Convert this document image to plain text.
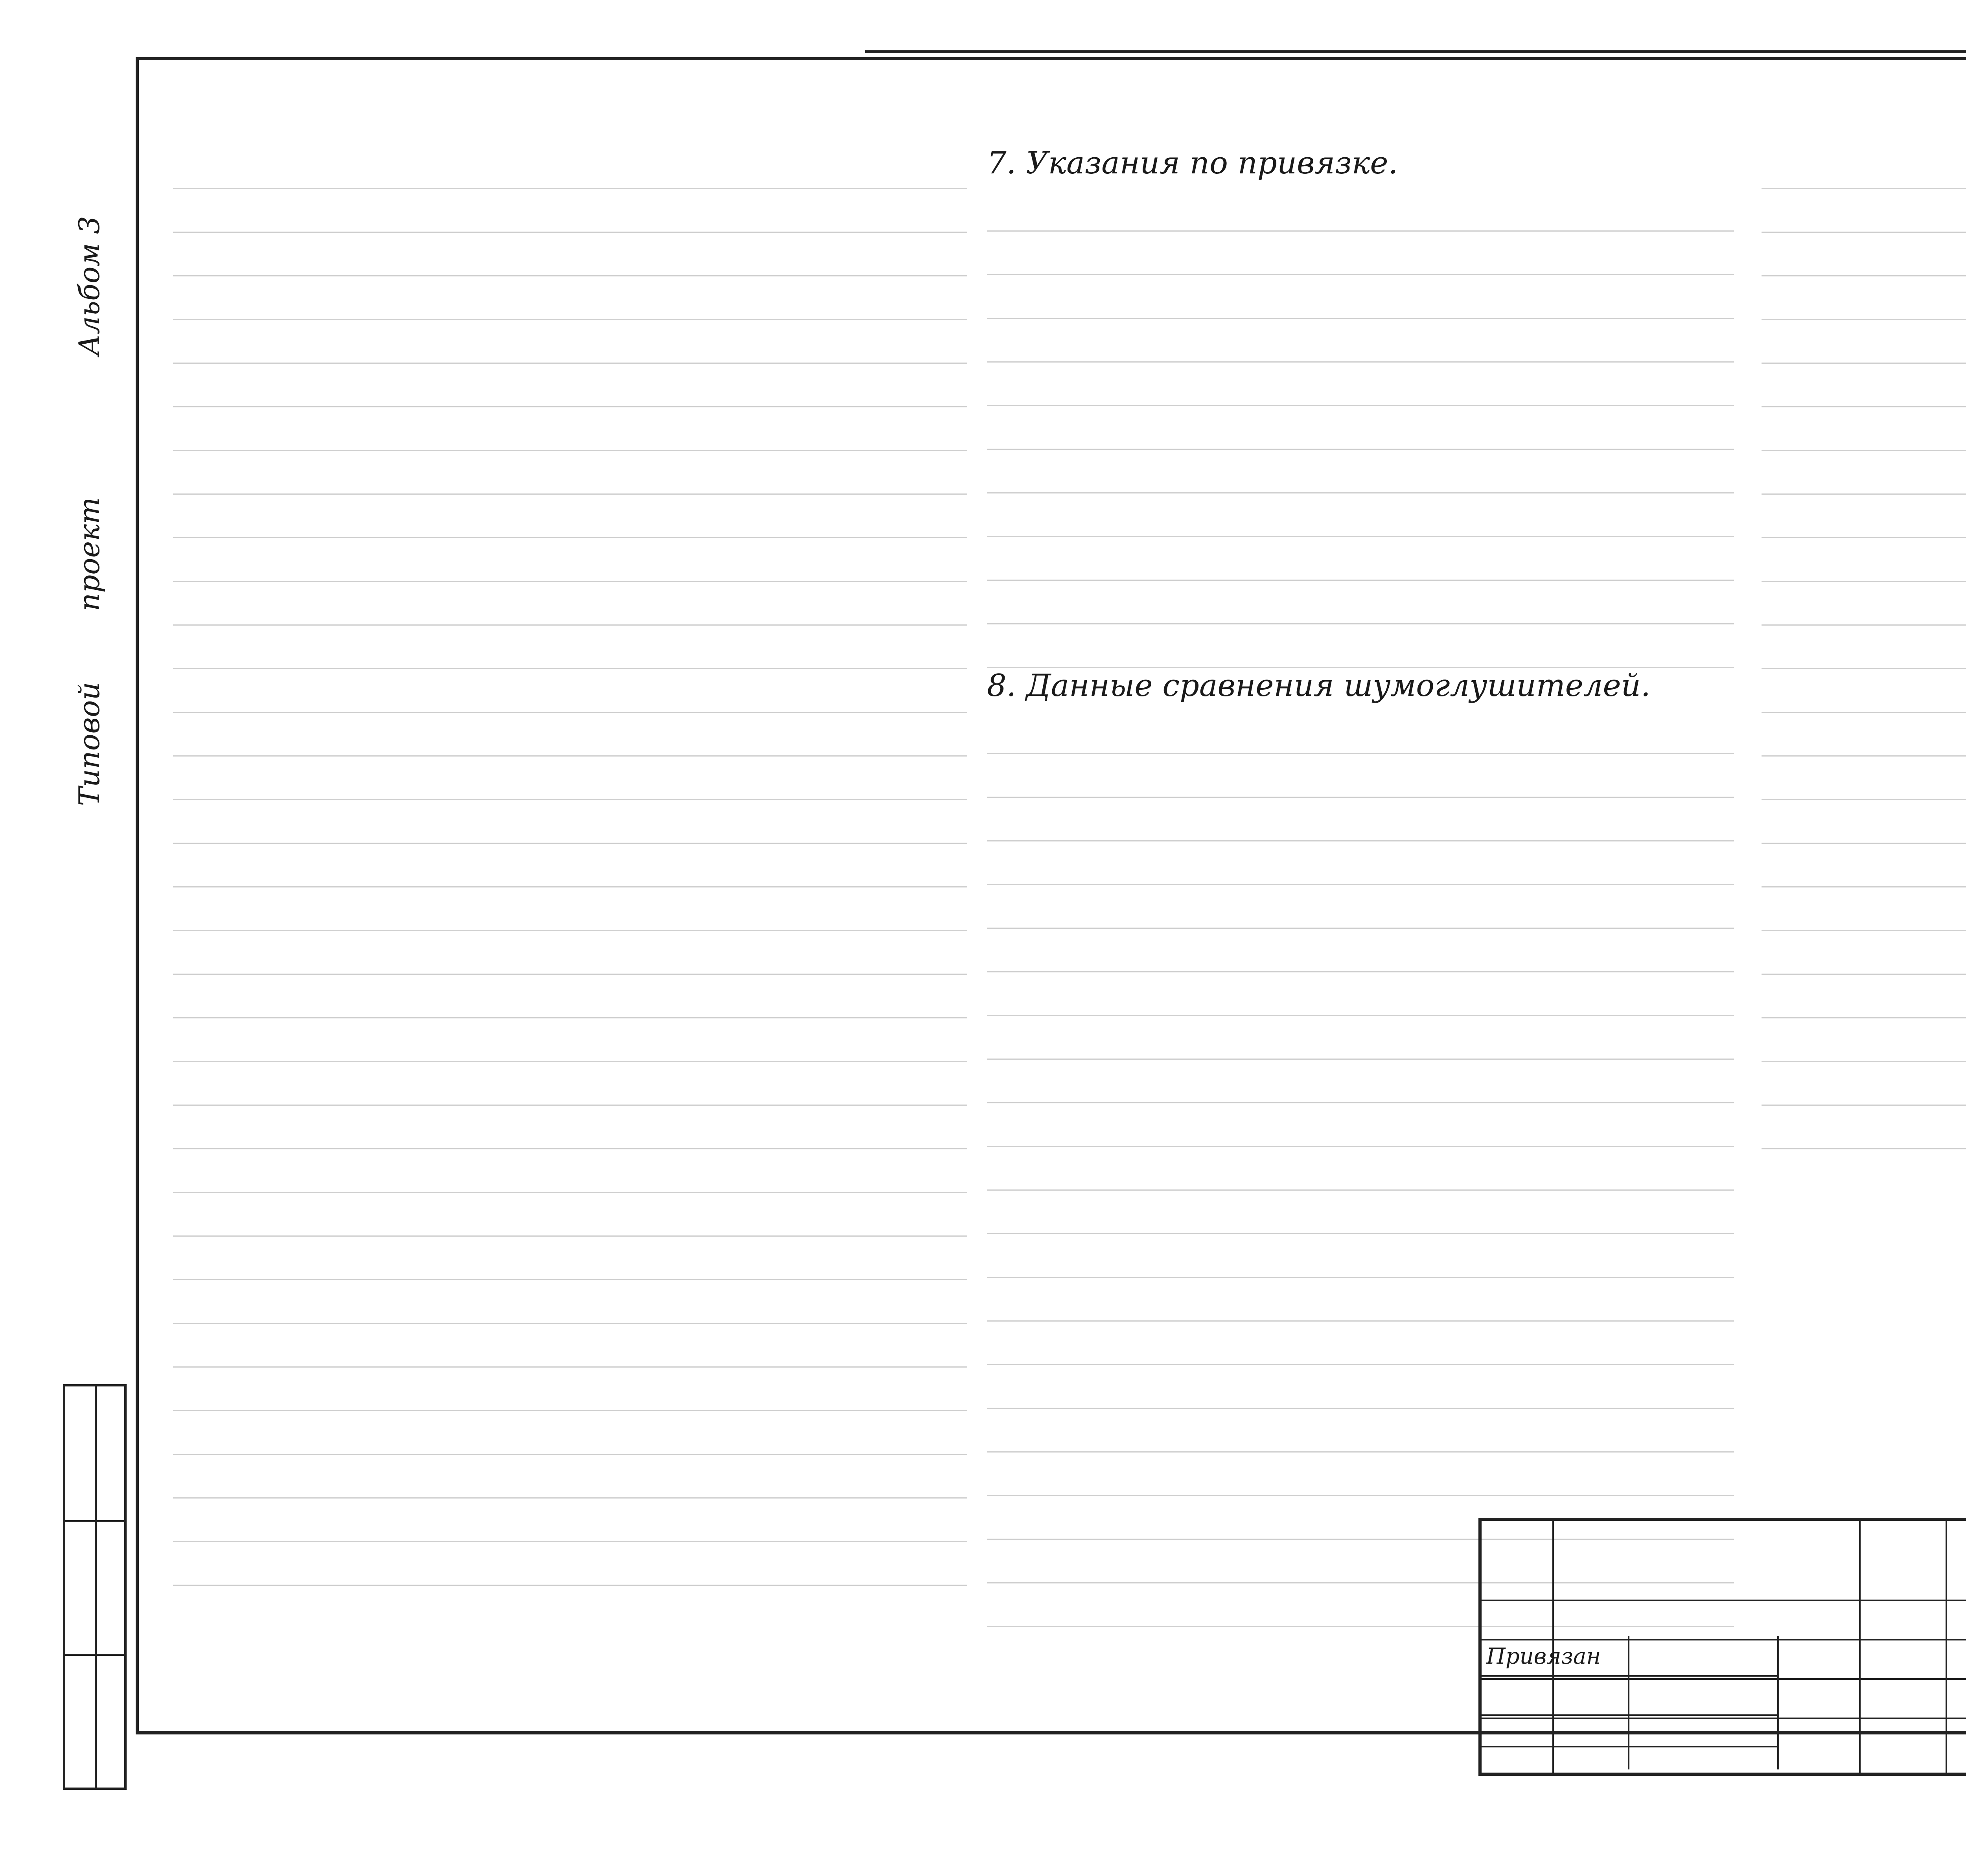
ТиповойпроектАльбом 3
7. Указания по привязке.
8. Данные сравнения шумоглушителей.
Привязан
